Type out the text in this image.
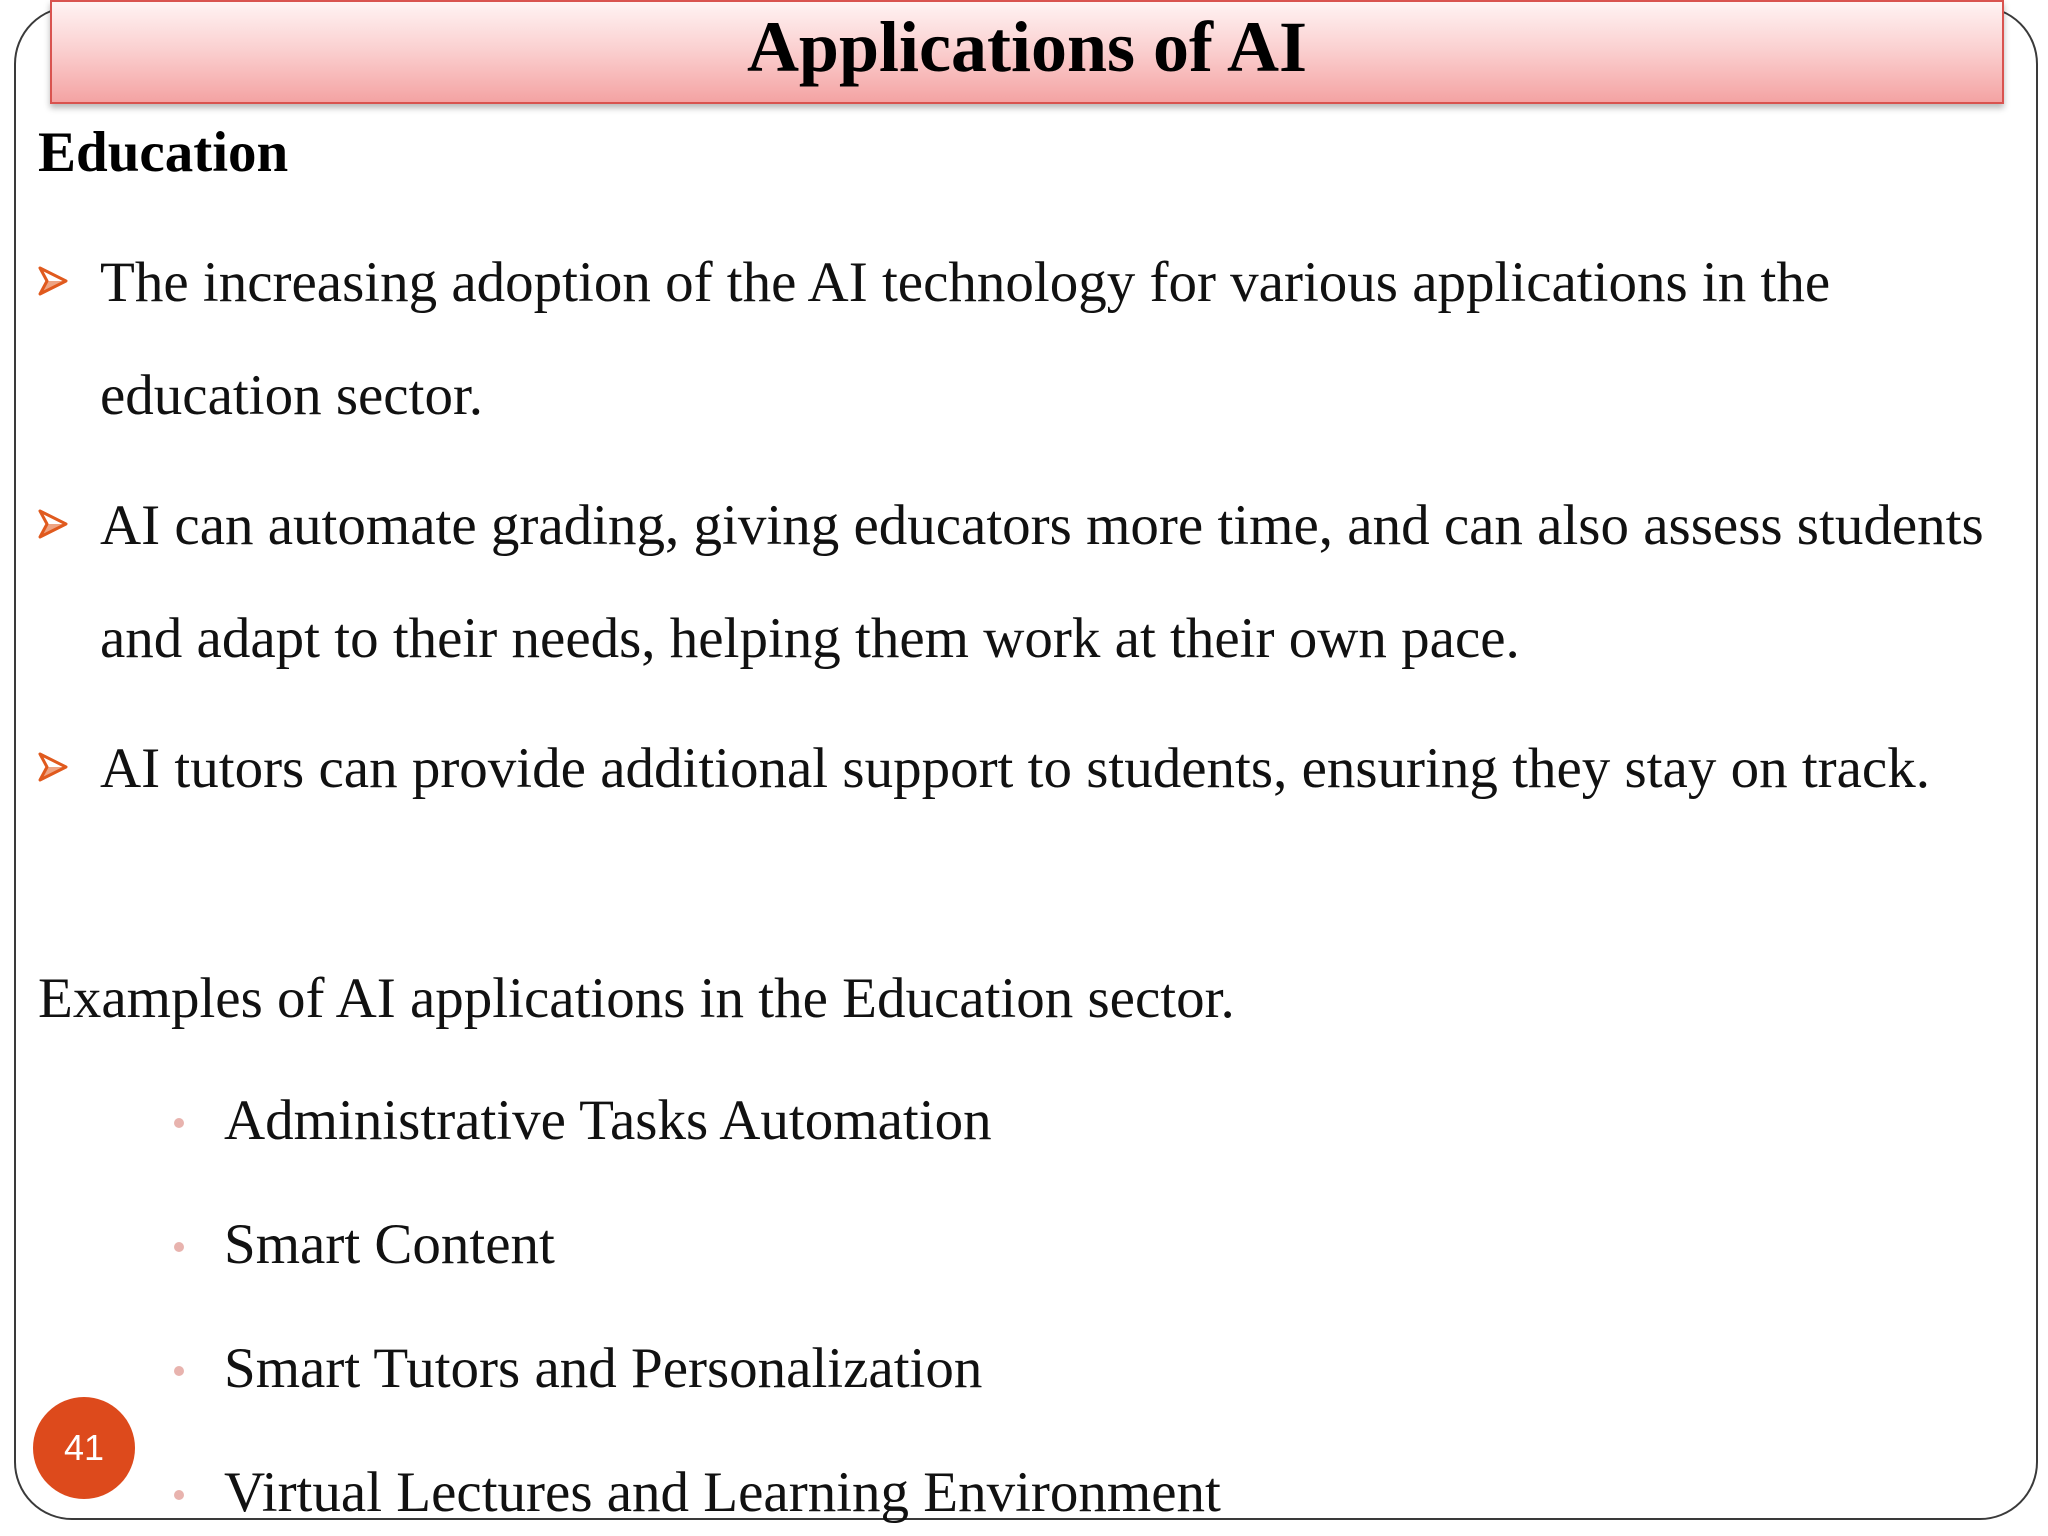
Applications of AI
Education
The increasing adoption of the AI technology for various applications in the education sector.
AI can automate grading, giving educators more time, and can also assess students and adapt to their needs, helping them work at their own pace.
AI tutors can provide additional support to students, ensuring they stay on track.
Examples of AI applications in the Education sector.
Administrative Tasks Automation
Smart Content
Smart Tutors and Personalization
Virtual Lectures and Learning Environment
41
